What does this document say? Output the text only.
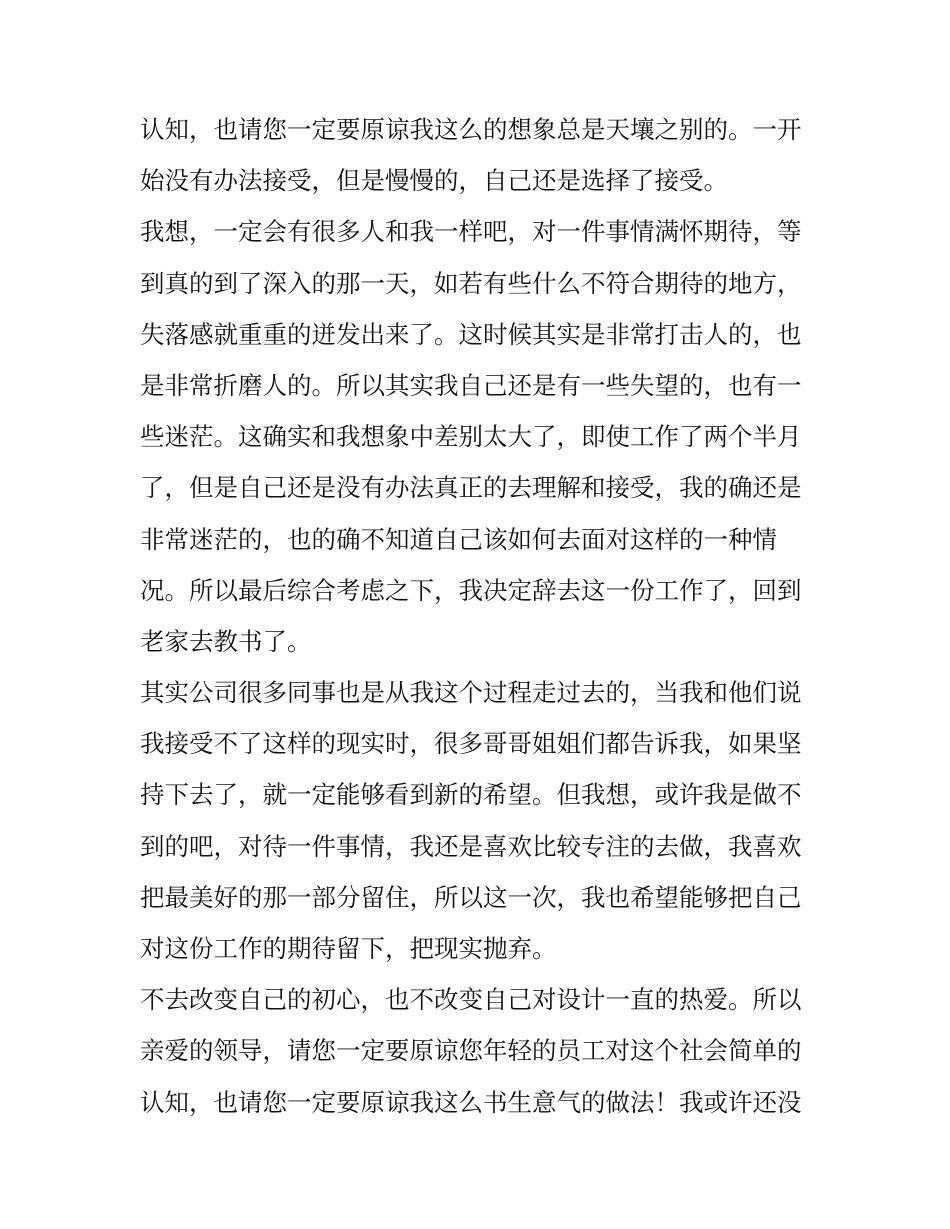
认知，也请您一定要原谅我这么的想象总是天壤之别的。一开
始没有办法接受，但是慢慢的，自己还是选择了接受。
我想，一定会有很多人和我一样吧，对一件事情满怀期待，等
到真的到了深入的那一天，如若有些什么不符合期待的地方，
失落感就重重的迸发出来了。这时候其实是非常打击人的，也
是非常折磨人的。所以其实我自己还是有一些失望的，也有一
些迷茫。这确实和我想象中差别太大了，即使工作了两个半月
了，但是自己还是没有办法真正的去理解和接受，我的确还是
非常迷茫的，也的确不知道自己该如何去面对这样的一种情
况。所以最后综合考虑之下，我决定辞去这一份工作了，回到
老家去教书了。
其实公司很多同事也是从我这个过程走过去的，当我和他们说
我接受不了这样的现实时，很多哥哥姐姐们都告诉我，如果坚
持下去了，就一定能够看到新的希望。但我想，或许我是做不
到的吧，对待一件事情，我还是喜欢比较专注的去做，我喜欢
把最美好的那一部分留住，所以这一次，我也希望能够把自己
对这份工作的期待留下，把现实抛弃。
不去改变自己的初心，也不改变自己对设计一直的热爱。所以
亲爱的领导，请您一定要原谅您年轻的员工对这个社会简单的
认知，也请您一定要原谅我这么书生意气的做法！我或许还没
